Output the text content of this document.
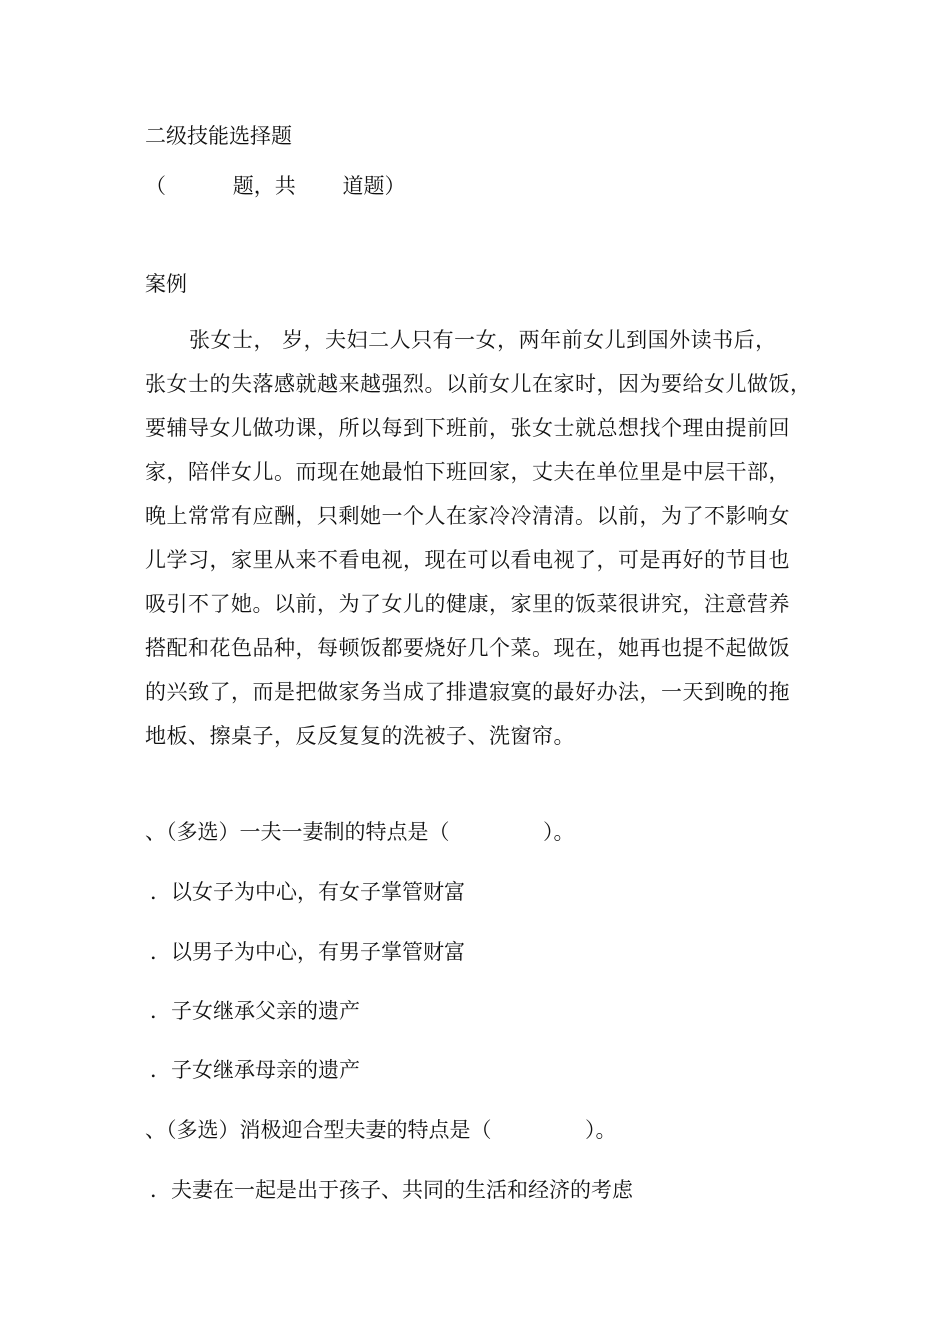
二级技能选择题
（          题，共       道题）
案例
张女士， 岁，夫妇二人只有一女，两年前女儿到国外读书后，
张女士的失落感就越来越强烈。以前女儿在家时，因为要给女儿做饭，
要辅导女儿做功课，所以每到下班前，张女士就总想找个理由提前回
家，陪伴女儿。而现在她最怕下班回家，丈夫在单位里是中层干部，
晚上常常有应酬，只剩她一个人在家冷冷清清。以前，为了不影响女
儿学习，家里从来不看电视，现在可以看电视了，可是再好的节目也
吸引不了她。以前，为了女儿的健康，家里的饭菜很讲究，注意营养
搭配和花色品种，每顿饭都要烧好几个菜。现在，她再也提不起做饭
的兴致了，而是把做家务当成了排遣寂寞的最好办法，一天到晚的拖
地板、擦桌子，反反复复的洗被子、洗窗帘。
、（多选）一夫一妻制的特点是（              ）。
．以女子为中心，有女子掌管财富
．以男子为中心，有男子掌管财富
．子女继承父亲的遗产
．子女继承母亲的遗产
、（多选）消极迎合型夫妻的特点是（              ）。
．夫妻在一起是出于孩子、共同的生活和经济的考虑
